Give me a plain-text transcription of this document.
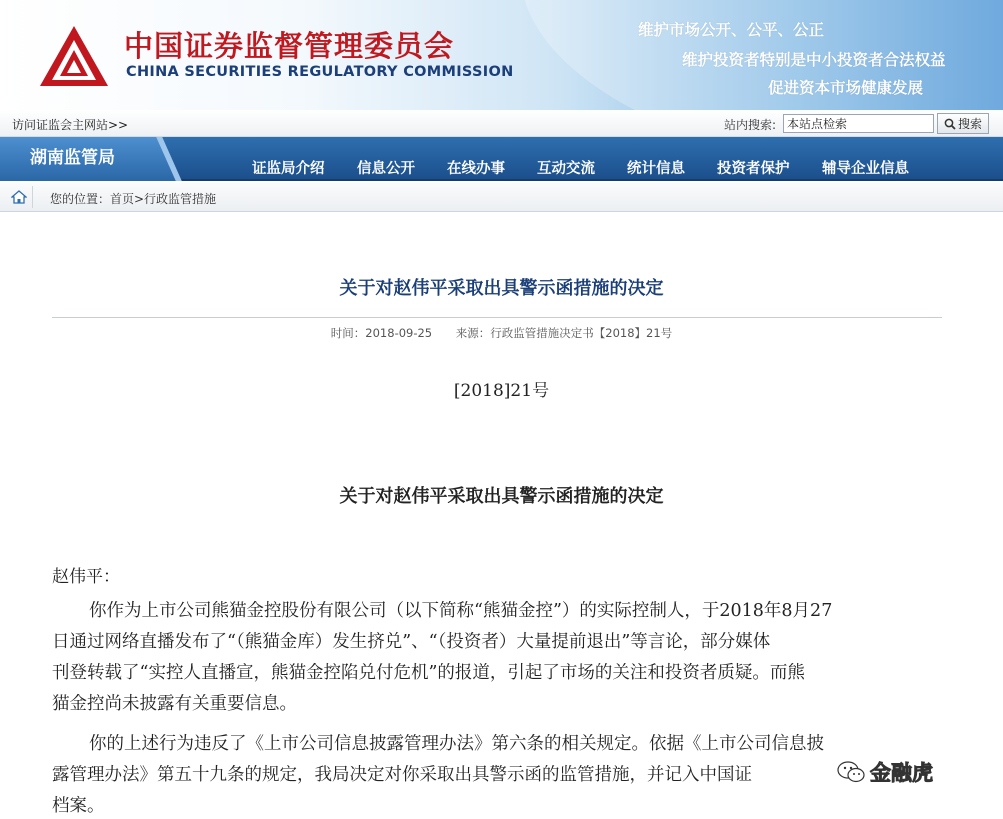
中国证券监督管理委员会
CHINA SECURITIES REGULATORY COMMISSION
维护市场公开、公平、公正
维护投资者特别是中小投资者合法权益
促进资本市场健康发展
访问证监会主网站>>	站内搜索:
本站点检索	搜索
湖南监管局
证监局介绍 信息公开 在线办事 互动交流 统计信息 投资者保护 辅导企业信息
您的位置：首页>行政监管措施
关于对赵伟平采取出具警示函措施的决定
时间：2018-09-25 来源：行政监管措施决定书【2018】21号
[2018]21号
关于对赵伟平采取出具警示函措施的决定
赵伟平：
你作为上市公司熊猫金控股份有限公司（以下简称“熊猫金控”）的实际控制人，于2018年8月27
日通过网络直播发布了“（熊猫金库）发生挤兑”、“（投资者）大量提前退出”等言论，部分媒体
刊登转载了“实控人直播宣，熊猫金控陷兑付危机”的报道，引起了市场的关注和投资者质疑。而熊
猫金控尚未披露有关重要信息。
你的上述行为违反了《上市公司信息披露管理办法》第六条的相关规定。依据《上市公司信息披
露管理办法》第五十九条的规定，我局决定对你采取出具警示函的监管措施，并记入中国证
档案。
金融虎
